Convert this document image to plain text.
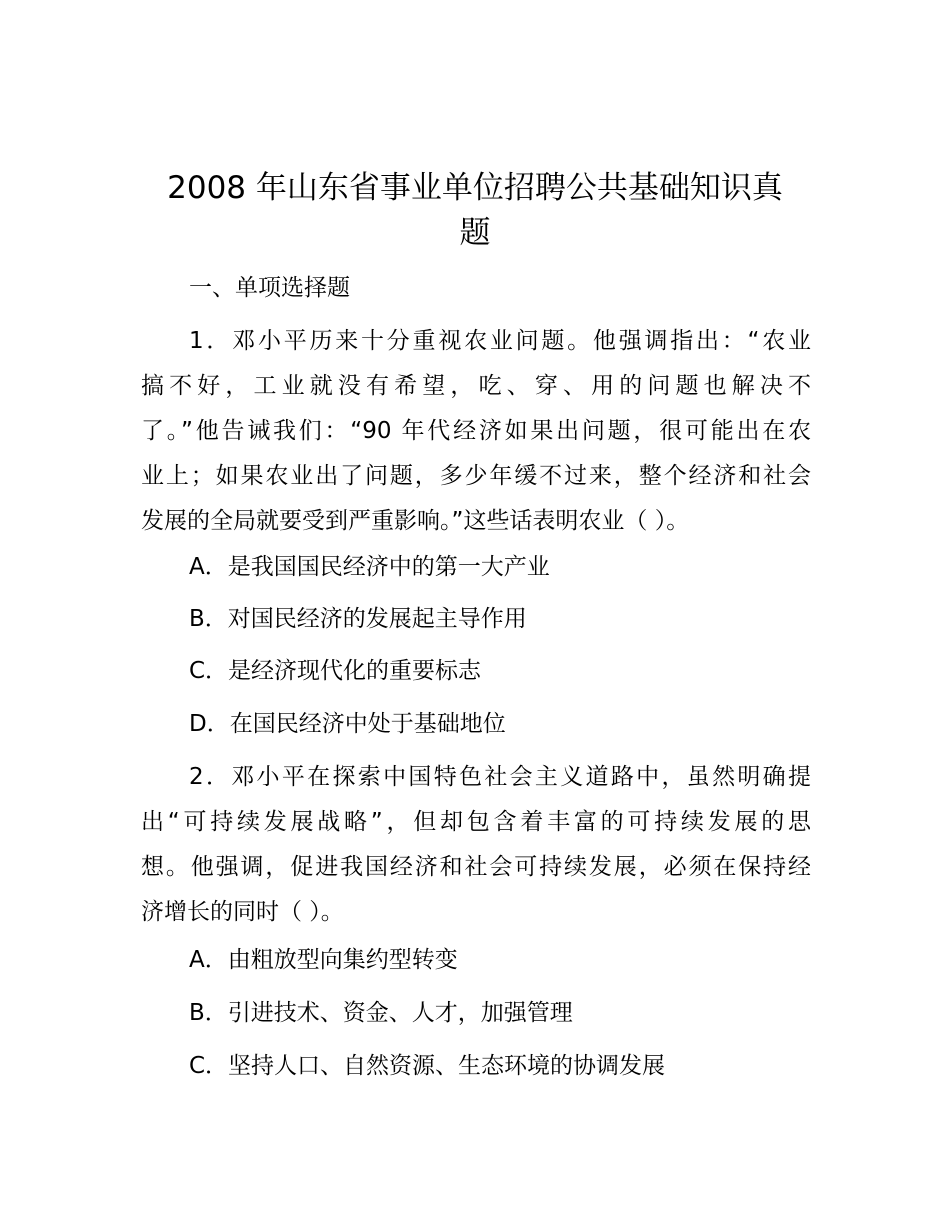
2008 年山东省事业单位招聘公共基础知识真
题
一、单项选择题
1．邓小平历来十分重视农业问题。他强调指出：“农业
搞不好，工业就没有希望，吃、穿、用的问题也解决不
了。”他告诫我们：“90 年代经济如果出问题，很可能出在农
业上；如果农业出了问题，多少年缓不过来，整个经济和社会
发展的全局就要受到严重影响。”这些话表明农业（ ）。
A．是我国国民经济中的第一大产业
B．对国民经济的发展起主导作用
C．是经济现代化的重要标志
D．在国民经济中处于基础地位
2．邓小平在探索中国特色社会主义道路中，虽然明确提
出“可持续发展战略”，但却包含着丰富的可持续发展的思
想。他强调，促进我国经济和社会可持续发展，必须在保持经
济增长的同时（ ）。
A．由粗放型向集约型转变
B．引进技术、资金、人才，加强管理
C．坚持人口、自然资源、生态环境的协调发展
